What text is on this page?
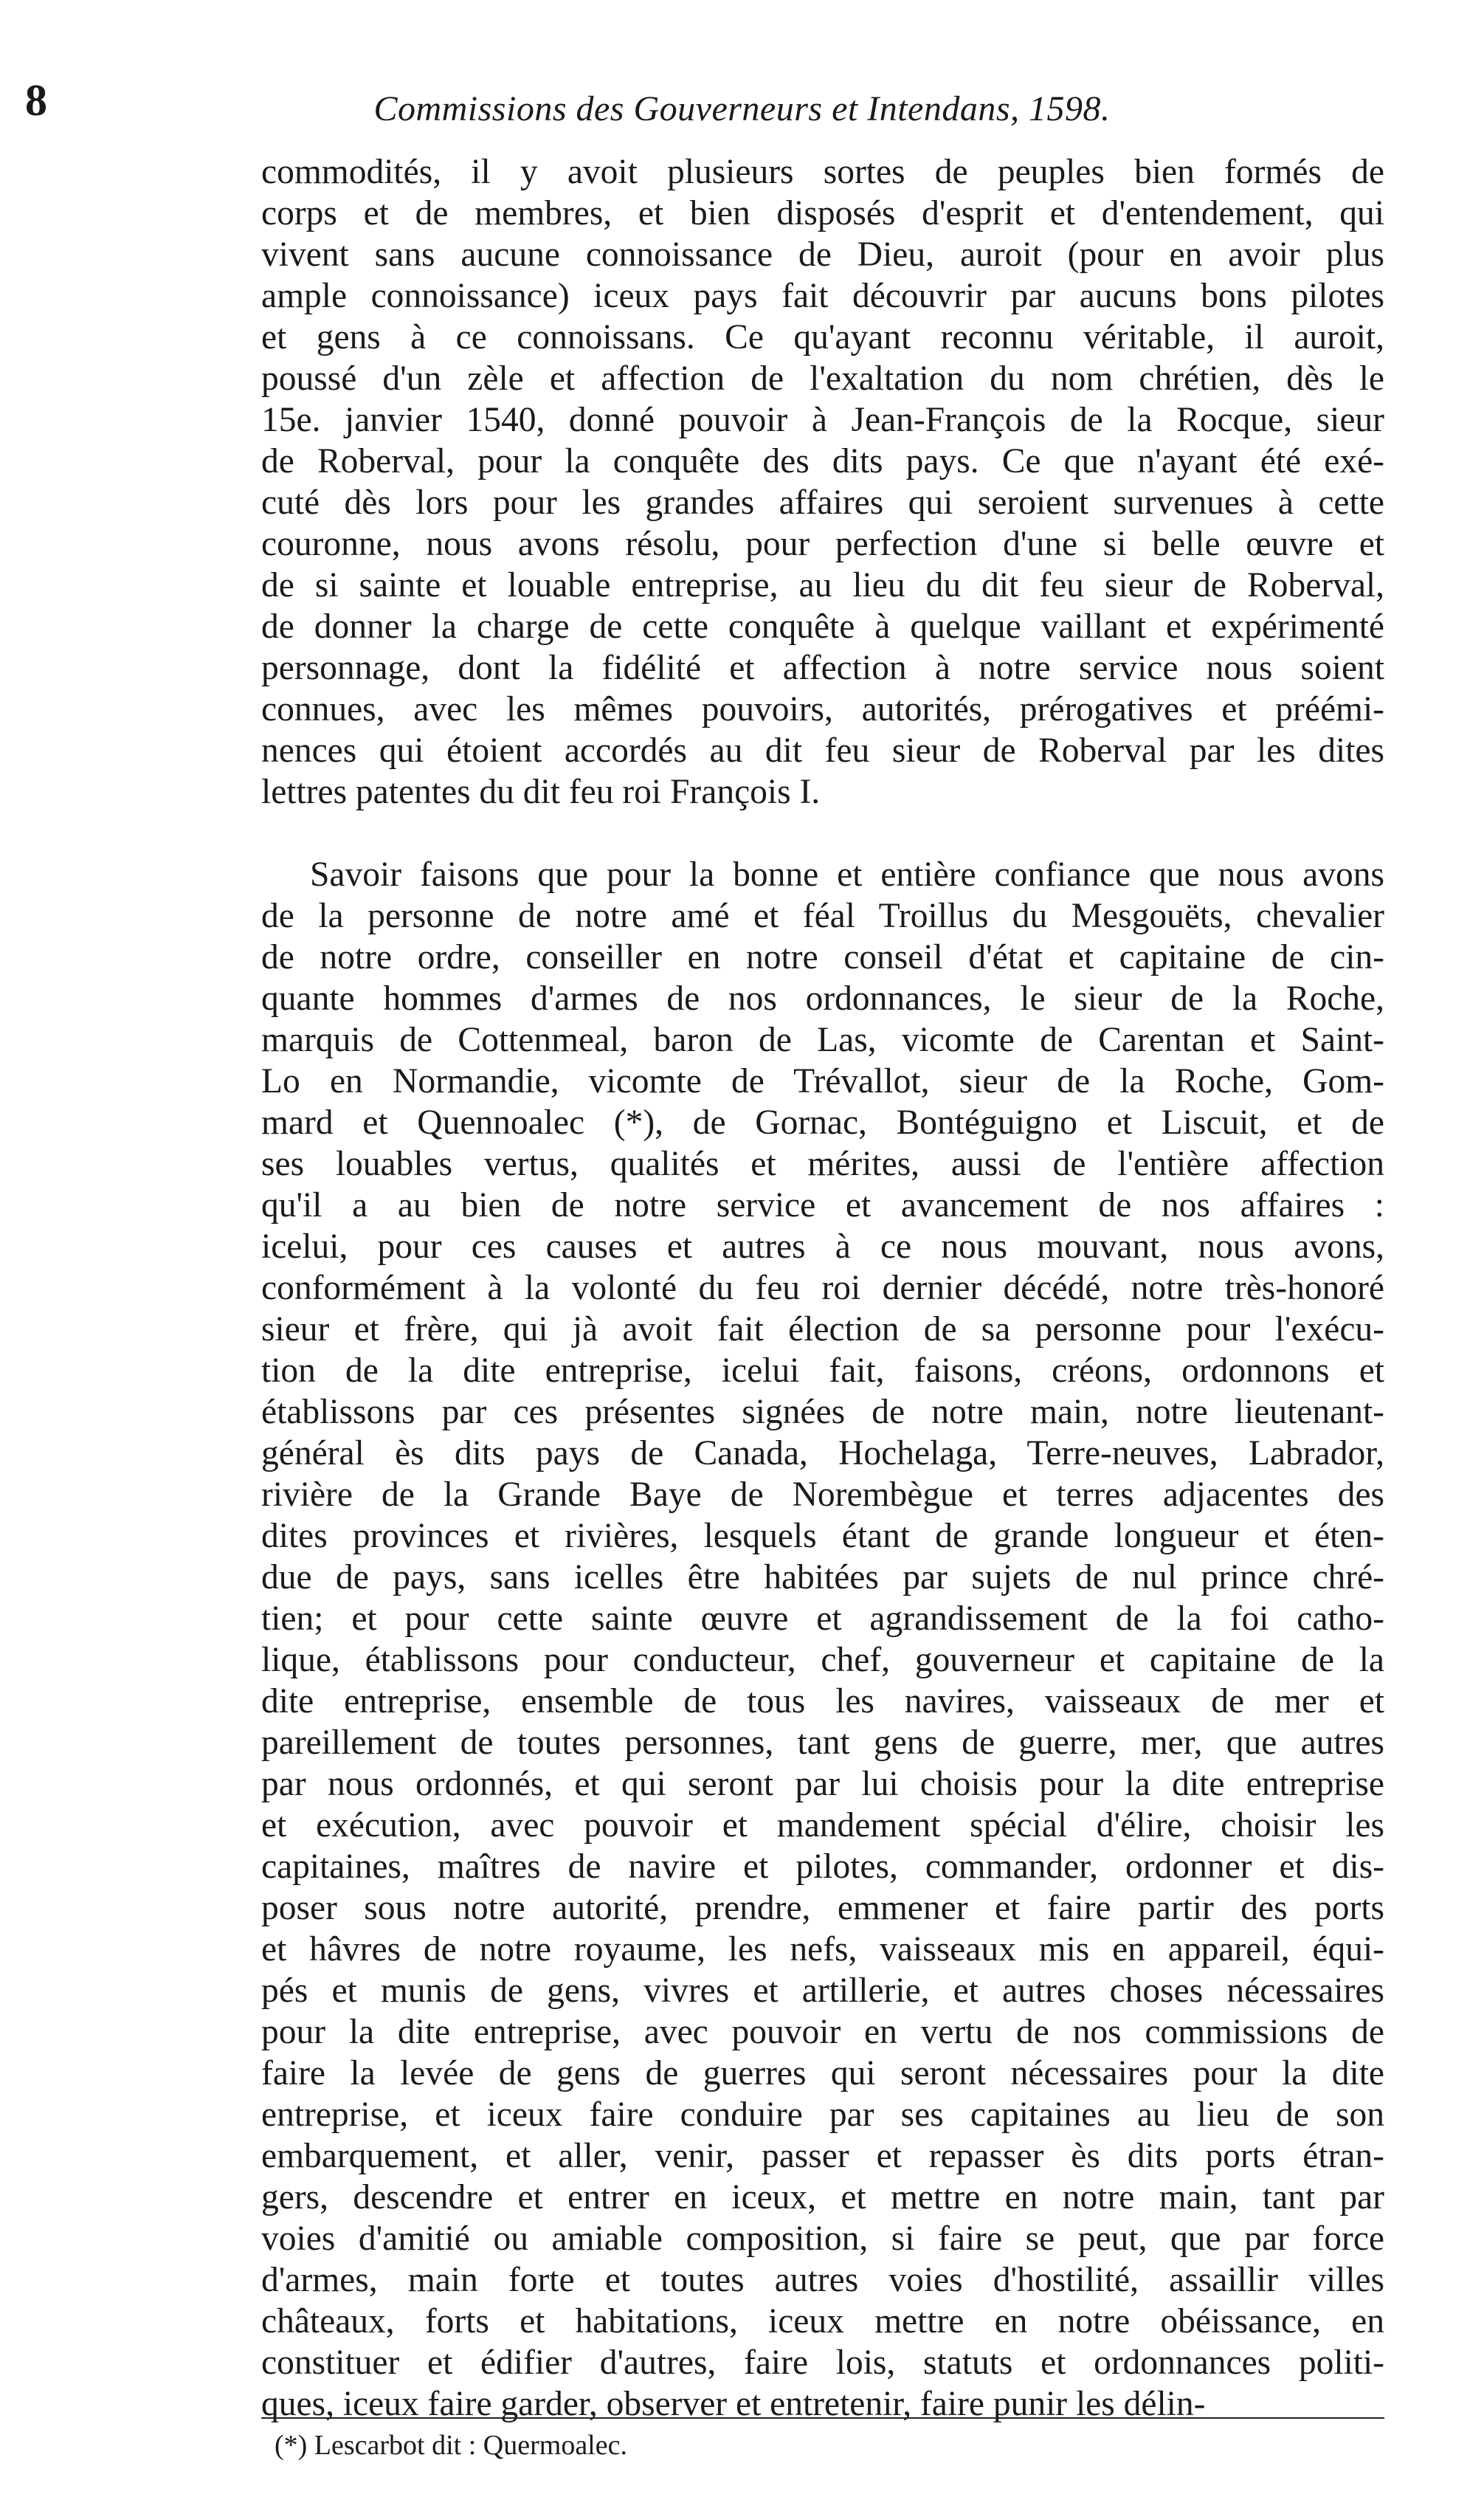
8	Commissions des Gouverneurs et Intendans, 1598.
commodités, il y avoit plusieurs sortes de peuples bien formés de
corps et de membres, et bien disposés d'esprit et d'entendement, qui
vivent sans aucune connoissance de Dieu, auroit (pour en avoir plus
ample connoissance) iceux pays fait découvrir par aucuns bons pilotes
et gens à ce connoissans. Ce qu'ayant reconnu véritable, il auroit,
poussé d'un zèle et affection de l'exaltation du nom chrétien, dès le
15e. janvier 1540, donné pouvoir à Jean-François de la Rocque, sieur
de Roberval, pour la conquête des dits pays. Ce que n'ayant été exé-
cuté dès lors pour les grandes affaires qui seroient survenues à cette
couronne, nous avons résolu, pour perfection d'une si belle œuvre et
de si sainte et louable entreprise, au lieu du dit feu sieur de Roberval,
de donner la charge de cette conquête à quelque vaillant et expérimenté
personnage, dont la fidélité et affection à notre service nous soient
connues, avec les mêmes pouvoirs, autorités, prérogatives et préémi-
nences qui étoient accordés au dit feu sieur de Roberval par les dites
lettres patentes du dit feu roi François I.
Savoir faisons que pour la bonne et entière confiance que nous avons
de la personne de notre amé et féal Troillus du Mesgouëts, chevalier
de notre ordre, conseiller en notre conseil d'état et capitaine de cin-
quante hommes d'armes de nos ordonnances, le sieur de la Roche,
marquis de Cottenmeal, baron de Las, vicomte de Carentan et Saint-
Lo en Normandie, vicomte de Trévallot, sieur de la Roche, Gom-
mard et Quennoalec (*), de Gornac, Bontéguigno et Liscuit, et de
ses louables vertus, qualités et mérites, aussi de l'entière affection
qu'il a au bien de notre service et avancement de nos affaires :
icelui, pour ces causes et autres à ce nous mouvant, nous avons,
conformément à la volonté du feu roi dernier décédé, notre très-honoré
sieur et frère, qui jà avoit fait élection de sa personne pour l'exécu-
tion de la dite entreprise, icelui fait, faisons, créons, ordonnons et
établissons par ces présentes signées de notre main, notre lieutenant-
général ès dits pays de Canada, Hochelaga, Terre-neuves, Labrador,
rivière de la Grande Baye de Norembègue et terres adjacentes des
dites provinces et rivières, lesquels étant de grande longueur et éten-
due de pays, sans icelles être habitées par sujets de nul prince chré-
tien; et pour cette sainte œuvre et agrandissement de la foi catho-
lique, établissons pour conducteur, chef, gouverneur et capitaine de la
dite entreprise, ensemble de tous les navires, vaisseaux de mer et
pareillement de toutes personnes, tant gens de guerre, mer, que autres
par nous ordonnés, et qui seront par lui choisis pour la dite entreprise
et exécution, avec pouvoir et mandement spécial d'élire, choisir les
capitaines, maîtres de navire et pilotes, commander, ordonner et dis-
poser sous notre autorité, prendre, emmener et faire partir des ports
et hâvres de notre royaume, les nefs, vaisseaux mis en appareil, équi-
pés et munis de gens, vivres et artillerie, et autres choses nécessaires
pour la dite entreprise, avec pouvoir en vertu de nos commissions de
faire la levée de gens de guerres qui seront nécessaires pour la dite
entreprise, et iceux faire conduire par ses capitaines au lieu de son
embarquement, et aller, venir, passer et repasser ès dits ports étran-
gers, descendre et entrer en iceux, et mettre en notre main, tant par
voies d'amitié ou amiable composition, si faire se peut, que par force
d'armes, main forte et toutes autres voies d'hostilité, assaillir villes
châteaux, forts et habitations, iceux mettre en notre obéissance, en
constituer et édifier d'autres, faire lois, statuts et ordonnances politi-
ques, iceux faire garder, observer et entretenir, faire punir les délin-
(*) Lescarbot dit : Quermoalec.
